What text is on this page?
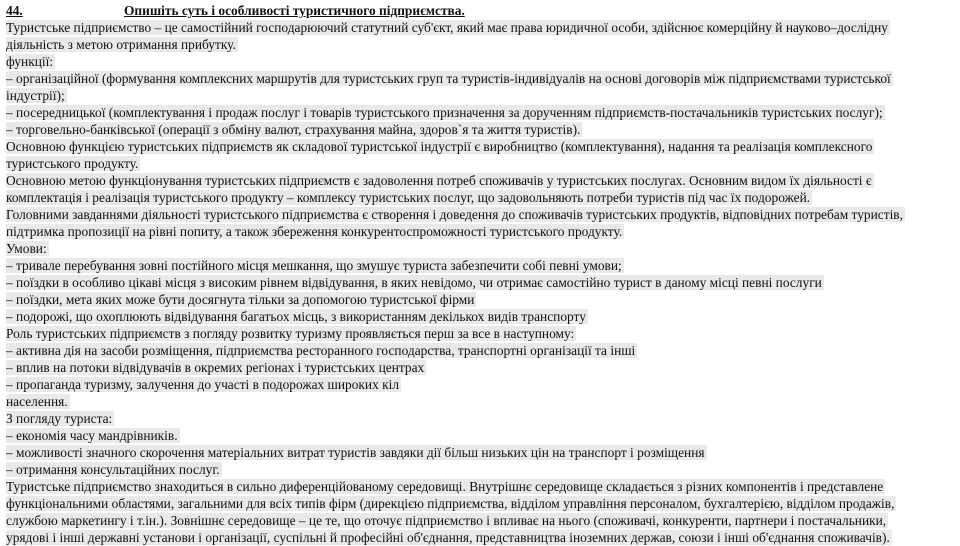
44.	Опишіть суть і особливості туристичного підприємства.
Туристське підприємство – це самостійний господарюючий статутний суб'єкт, який має права юридичної особи, здійснює комерційну й науково–дослідну
діяльність з метою отримання прибутку.
функції:
– організаційної (формування комплексних маршрутів для туристських груп та туристів-індивідуалів на основі договорів між підприємствами туристської
індустрії);
– посередницької (комплектування і продаж послуг і товарів туристського призначення за дорученням підприємств-постачальників туристських послуг);
– торговельно-банківської (операції з обміну валют, страхування майна, здоров`я та життя туристів).
Основною функцією туристських підприємств як складової туристської індустрії є виробництво (комплектування), надання та реалізація комплексного
туристського продукту.
Основною метою функціонування туристських підприємств є задоволення потреб споживачів у туристських послугах. Основним видом їх діяльності є
комплектація і реалізація туристського продукту – комплексу туристських послуг, що задовольняють потреби туристів під час їх подорожей.
Головними завданнями діяльності туристського підприємства є створення і доведення до споживачів туристських продуктів, відповідних потребам туристів,
підтримка пропозиції на рівні попиту, а також збереження конкурентоспроможності туристського продукту.
Умови:
– тривале перебування зовні постійного місця мешкання, що змушує туриста забезпечити собі певні умови;
– поїздки в особливо цікаві місця з високим рівнем відвідування, в яких невідомо, чи отримає самостійно турист в даному місці певні послуги
– поїздки, мета яких може бути досягнута тільки за допомогою туристської фірми
– подорожі, що охоплюють відвідування багатьох місць, з використанням декількох видів транспорту
Роль туристських підприємств з погляду розвитку туризму проявляється перш за все в наступному:
– активна дія на засоби розміщення, підприємства ресторанного господарства, транспортні організації та інші
– вплив на потоки відвідувачів в окремих регіонах і туристських центрах
– пропаганда туризму, залучення до участі в подорожах широких кіл
населення.
З погляду туриста:
– економія часу мандрівників.
– можливості значного скорочення матеріальних витрат туристів завдяки дії більш низьких цін на транспорт і розміщення
– отримання консультаційних послуг.
Туристське підприємство знаходиться в сильно диференційованому середовищі. Внутрішнє середовище складається з різних компонентів і представлене
функціональними областями, загальними для всіх типів фірм (дирекцією підприємства, відділом управління персоналом, бухгалтерією, відділом продажів,
службою маркетингу і т.ін.). Зовнішнє середовище – це те, що оточує підприємство і впливає на нього (споживачі, конкуренти, партнери і постачальники,
урядові і інші державні установи і організації, суспільні й професійні об'єднання, представництва іноземних держав, союзи і інші об'єднання споживачів).
